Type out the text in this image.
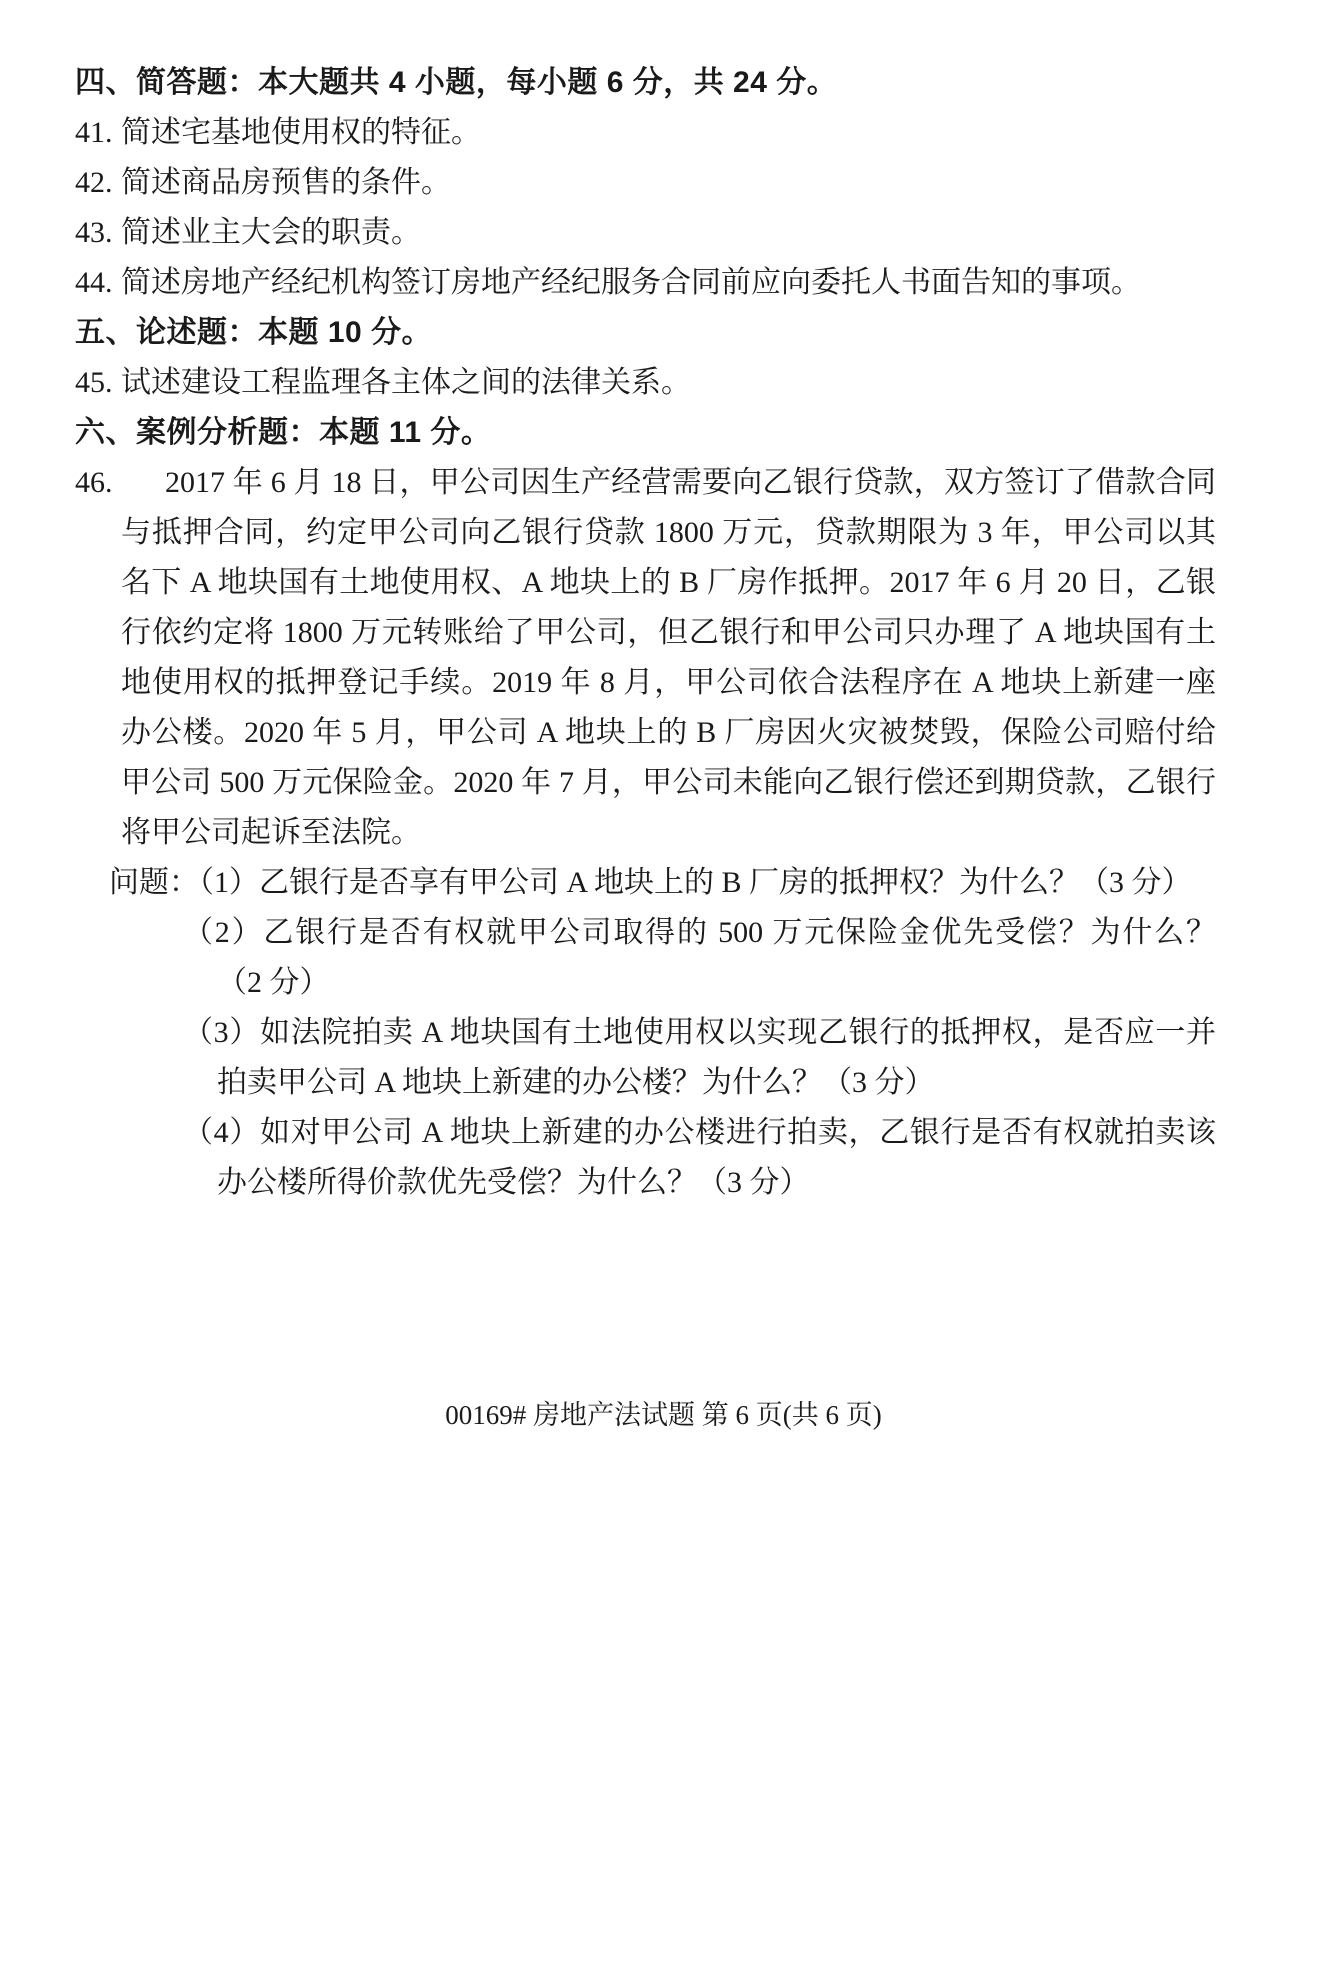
四、简答题：本大题共 4 小题，每小题 6 分，共 24 分。
41. 简述宅基地使用权的特征。
42. 简述商品房预售的条件。
43. 简述业主大会的职责。
44. 简述房地产经纪机构签订房地产经纪服务合同前应向委托人书面告知的事项。
五、论述题：本题 10 分。
45. 试述建设工程监理各主体之间的法律关系。
六、案例分析题：本题 11 分。
46.	2017 年 6 月 18 日，甲公司因生产经营需要向乙银行贷款，双方签订了借款合同
与抵押合同，约定甲公司向乙银行贷款 1800 万元，贷款期限为 3 年，甲公司以其
名下 A 地块国有土地使用权、A 地块上的 B 厂房作抵押。2017 年 6 月 20 日，乙银
行依约定将 1800 万元转账给了甲公司，但乙银行和甲公司只办理了 A 地块国有土
地使用权的抵押登记手续。2019 年 8 月，甲公司依合法程序在 A 地块上新建一座
办公楼。2020 年 5 月，甲公司 A 地块上的 B 厂房因火灾被焚毁，保险公司赔付给
甲公司 500 万元保险金。2020 年 7 月，甲公司未能向乙银行偿还到期贷款，乙银行
将甲公司起诉至法院。
问题：（1）乙银行是否享有甲公司 A 地块上的 B 厂房的抵押权？为什么？（3 分）
（2）乙银行是否有权就甲公司取得的 500 万元保险金优先受偿？为什么？
（2 分）
（3）如法院拍卖 A 地块国有土地使用权以实现乙银行的抵押权，是否应一并
拍卖甲公司 A 地块上新建的办公楼？为什么？（3 分）
（4）如对甲公司 A 地块上新建的办公楼进行拍卖，乙银行是否有权就拍卖该
办公楼所得价款优先受偿？为什么？（3 分）
00169# 房地产法试题 第 6 页(共 6 页)
